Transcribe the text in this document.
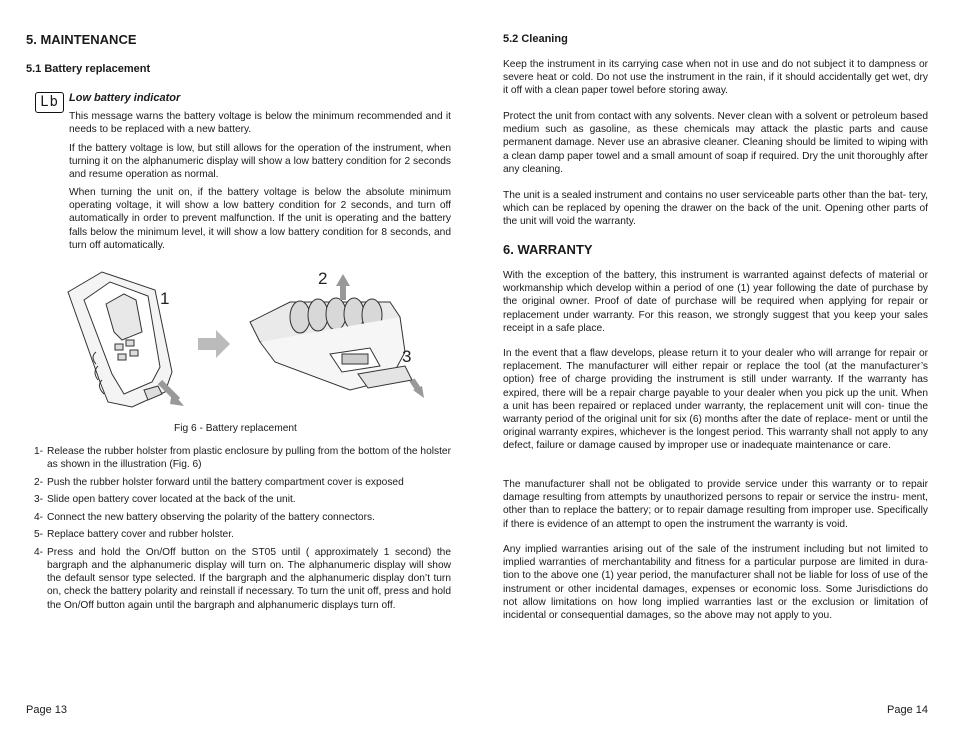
5. MAINTENANCE
5.1 Battery replacement
Lb Low battery indicator

This message warns the battery voltage is below the minimum recommended and it needs to be replaced with a new battery.

If the battery voltage is low, but still allows for the operation of the instrument, when turning it on the alphanumeric display will show a low battery condition for 2 seconds and resume operation as normal.

When turning the unit on, if the battery voltage is below the absolute minimum operating voltage, it will show a low battery condition for 2 seconds, and turn off automatically in order to prevent malfunction. If the unit is operating and the battery falls below the minimum level, it will show a low battery condition for 8 seconds, and turn off automatically.

1
2
3
Fig 6 - Battery replacement
1- Release the rubber holster from plastic enclosure by pulling from the bottom of the holster as shown in the illustration (Fig. 6)
2- Push the rubber holster forward until the battery compartment cover is exposed
3- Slide open battery cover located at the back of the unit.
4- Connect the new battery observing the polarity of the battery connectors.
5- Replace battery cover and rubber holster.
4- Press and hold the On/Off button on the ST05 until ( approximately 1 second) the bargraph and the alphanumeric display will turn on. The alphanumeric display will show the default sensor type selected. If the bargraph and the alphanumeric display don’t turn on, check the battery polarity and reinstall if necessary. To turn the unit off, press and hold the On/Off button again until the bargraph and alphanumeric displays turn off.
Page 13
5.2 Cleaning

Keep the instrument in its carrying case when not in use and do not subject it to dampness or severe heat or cold. Do not use the instrument in the rain, if it should accidentally get wet, dry it off with a clean paper towel before storing away.

Protect the unit from contact with any solvents. Never clean with a solvent or petroleum based medium such as gasoline, as these chemicals may attack the plastic parts and cause permanent damage. Never use an abrasive cleaner. Cleaning should be limited to wiping with a clean damp paper towel and a small amount of soap if required. Dry the unit thoroughly after any cleaning.

The unit is a sealed instrument and contains no user serviceable parts other than the bat- tery, which can be replaced by opening the drawer on the back of the unit. Opening other parts of the unit will void the warranty.

6. WARRANTY

With the exception of the battery, this instrument is warranted against defects of material or workmanship which develop within a period of one (1) year following the date of purchase by the original owner. Proof of date of purchase will be required when applying for repair or replacement under warranty. For this reason, we strongly suggest that you keep your sales receipt in a safe place.

In the event that a flaw develops, please return it to your dealer who will arrange for repair or replacement. The manufacturer will either repair or replace the tool (at the manufacturer’s option) free of charge providing the instrument is still under warranty. If the warranty has expired, there will be a repair charge payable to your dealer when you pick up the unit. When a unit has been repaired or replaced under warranty, the replacement unit will con- tinue the warranty period of the original unit for six (6) months after the date of replace- ment or until the original warranty expires, whichever is the longest period. This warranty shall not apply to any defect, failure or damage caused by improper use or inadequate maintenance or care.

The manufacturer shall not be obligated to provide service under this warranty or to repair damage resulting from attempts by unauthorized persons to repair or service the instru- ment, other than to replace the battery; or to repair damage resulting from improper use. Specifically if there is evidence of an attempt to open the instrument the warranty is void.

Any implied warranties arising out of the sale of the instrument including but not limited to implied warranties of merchantability and fitness for a particular purpose are limited in dura- tion to the above one (1) year period, the manufacturer shall not be liable for loss of use of the instrument or other incidental damages, expenses or economic loss. Some Jurisdictions do not allow limitations on how long implied warranties last or the exclusion or limitation of incidental or consequential damages, so the above may not apply to you.

Page 14
